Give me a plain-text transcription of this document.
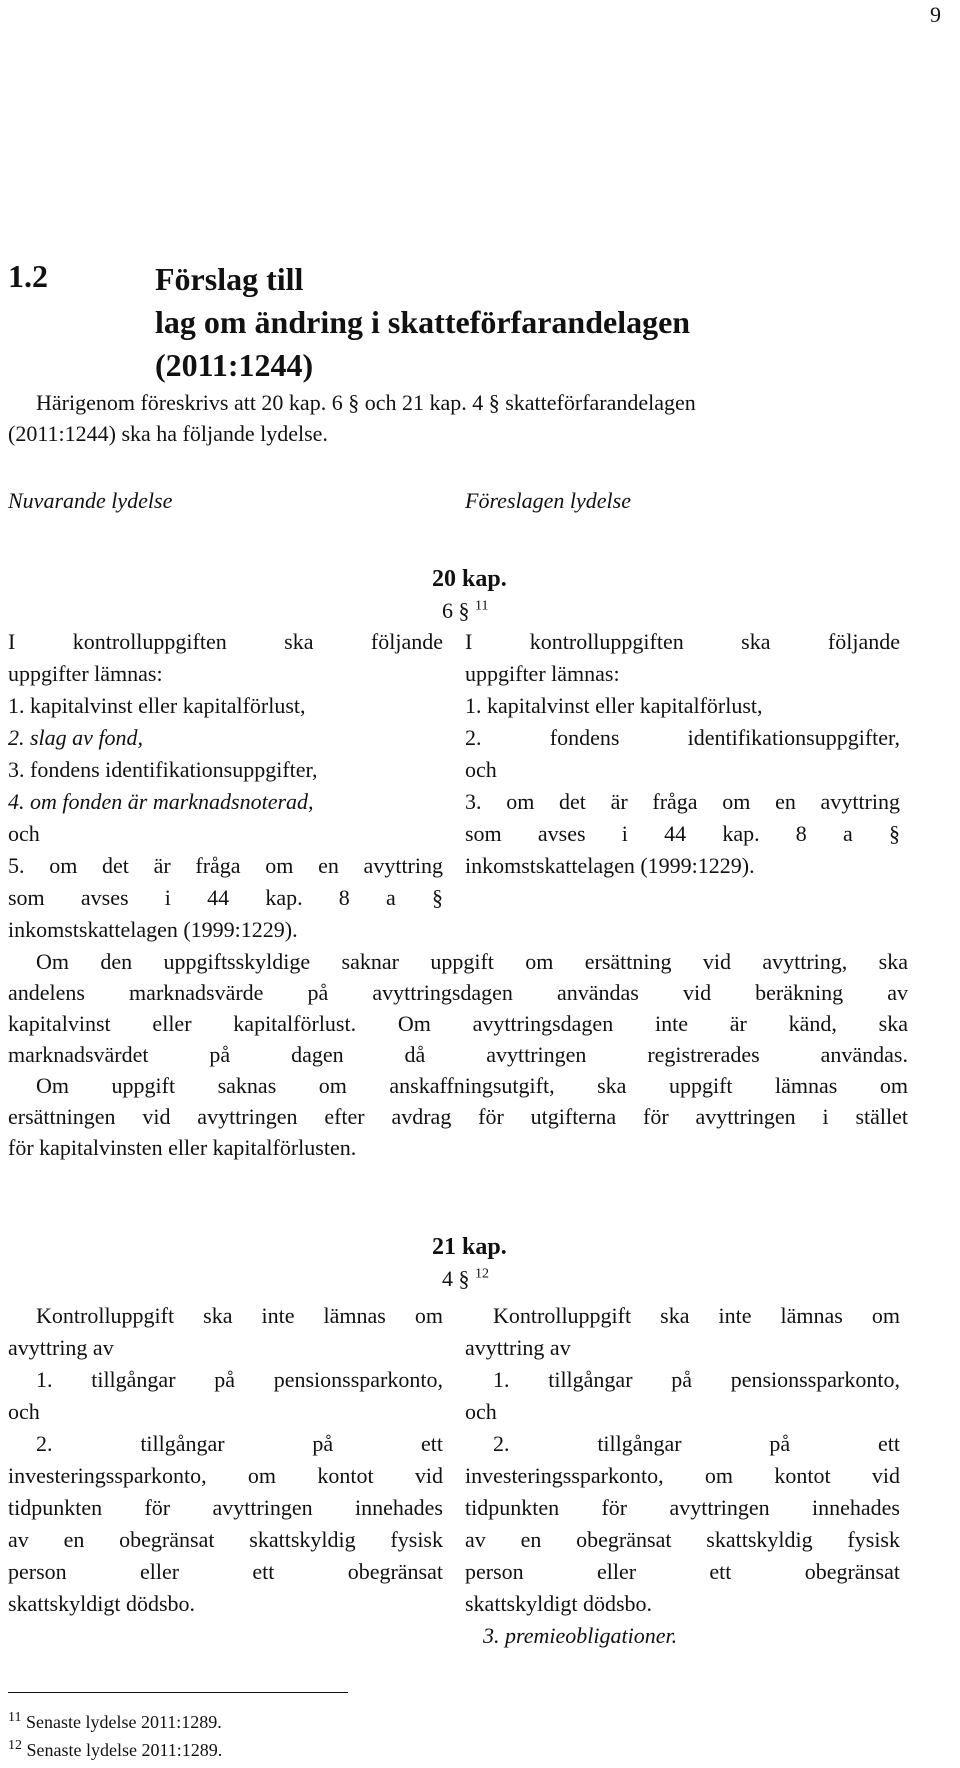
9
1.2	Förslag till
lag om ändring i skatteförfarandelagen
(2011:1244)
Härigenom föreskrivs att 20 kap. 6 § och 21 kap. 4 § skatteförfarandelagen
(2011:1244) ska ha följande lydelse.
Nuvarande lydelse	Föreslagen lydelse
20 kap.
6 § $^{11}$
I kontrolluppgiften ska följande
uppgifter lämnas:
1. kapitalvinst eller kapitalförlust,
2. slag av fond,
3. fondens identifikationsuppgifter,
4. om fonden är marknadsnoterad,
och
5. om det är fråga om en avyttring
som avses i 44 kap. 8 a §
inkomstskattelagen (1999:1229).
I kontrolluppgiften ska följande
uppgifter lämnas:
1. kapitalvinst eller kapitalförlust,
2. fondens identifikationsuppgifter,
och
3. om det är fråga om en avyttring
som avses i 44 kap. 8 a §
inkomstskattelagen (1999:1229).
Om den uppgiftsskyldige saknar uppgift om ersättning vid avyttring, ska
andelens marknadsvärde på avyttringsdagen användas vid beräkning av
kapitalvinst eller kapitalförlust. Om avyttringsdagen inte är känd, ska
marknadsvärdet på dagen då avyttringen registrerades användas.
Om uppgift saknas om anskaffningsutgift, ska uppgift lämnas om
ersättningen vid avyttringen efter avdrag för utgifterna för avyttringen i stället
för kapitalvinsten eller kapitalförlusten.
21 kap.
4 § $^{12}$
Kontrolluppgift ska inte lämnas om
avyttring av
1. tillgångar på pensionssparkonto,
och
2. tillgångar på ett
investeringssparkonto, om kontot vid
tidpunkten för avyttringen innehades
av en obegränsat skattskyldig fysisk
person eller ett obegränsat
skattskyldigt dödsbo.
Kontrolluppgift ska inte lämnas om
avyttring av
1. tillgångar på pensionssparkonto,
och
2. tillgångar på ett
investeringssparkonto, om kontot vid
tidpunkten för avyttringen innehades
av en obegränsat skattskyldig fysisk
person eller ett obegränsat
skattskyldigt dödsbo.
3. premieobligationer.
$^{11}$ Senaste lydelse 2011:1289.
$^{12}$ Senaste lydelse 2011:1289.
